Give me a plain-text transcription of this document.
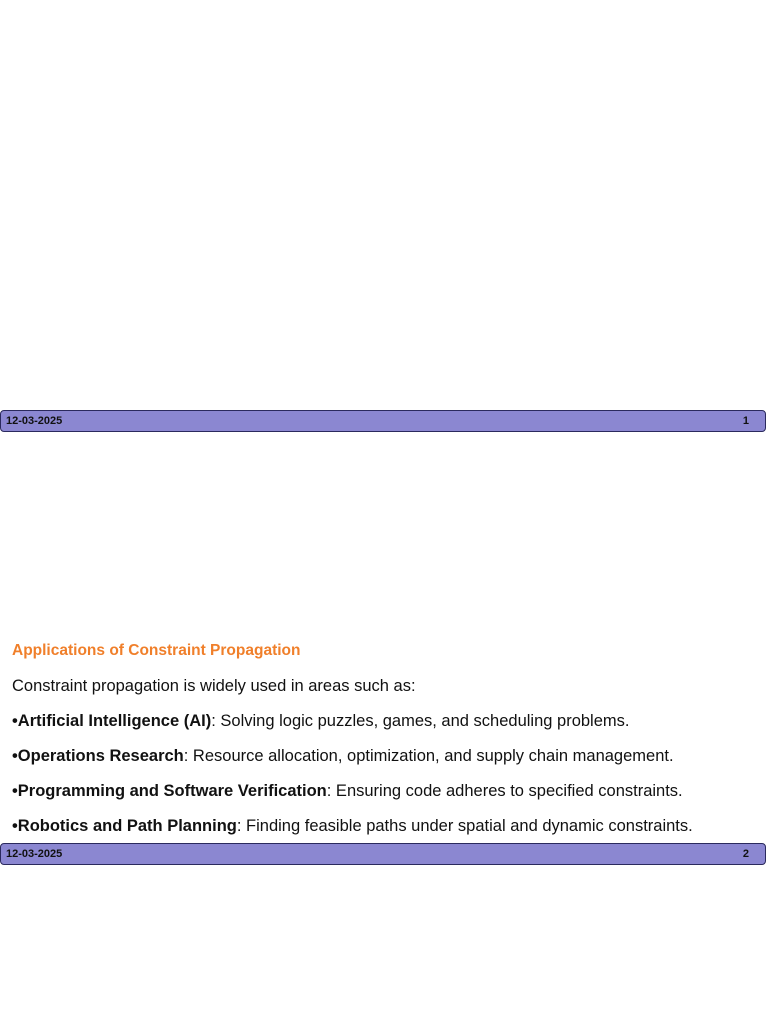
12-03-2025	1
Applications of Constraint Propagation
Constraint propagation is widely used in areas such as:
•Artificial Intelligence (AI): Solving logic puzzles, games, and scheduling problems.
•Operations Research: Resource allocation, optimization, and supply chain management.
•Programming and Software Verification: Ensuring code adheres to specified constraints.
•Robotics and Path Planning: Finding feasible paths under spatial and dynamic constraints.
12-03-2025	2
